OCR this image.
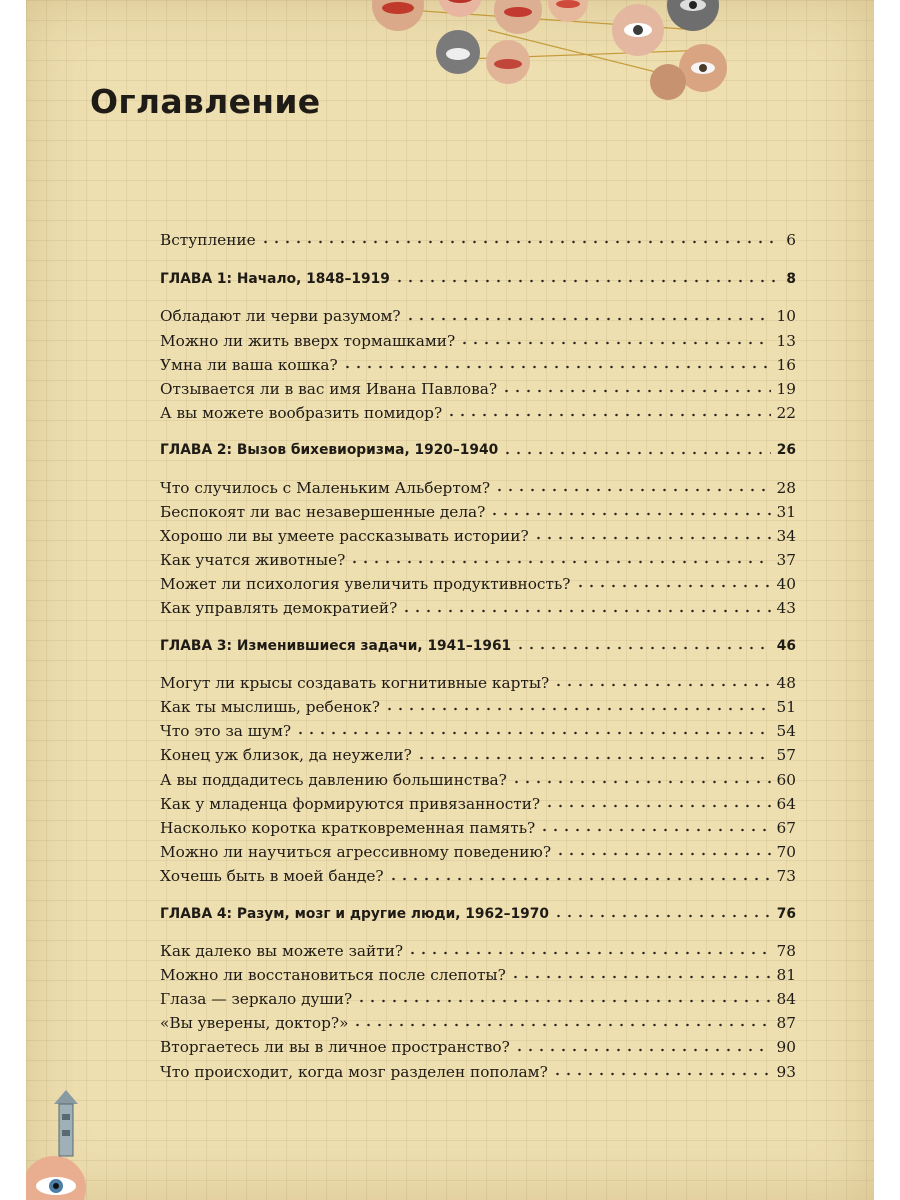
Оглавление
Вступление	6
ГЛАВА 1: Начало, 1848–1919	8
Обладают ли черви разумом?	10
Можно ли жить вверх тормашками?	13
Умна ли ваша кошка?	16
Отзывается ли в вас имя Ивана Павлова?	19
А вы можете вообразить помидор?	22
ГЛАВА 2: Вызов бихевиоризма, 1920–1940	26
Что случилось с Маленьким Альбертом?	28
Беспокоят ли вас незавершенные дела?	31
Хорошо ли вы умеете рассказывать истории?	34
Как учатся животные?	37
Может ли психология увеличить продуктивность?	40
Как управлять демократией?	43
ГЛАВА 3: Изменившиеся задачи, 1941–1961	46
Могут ли крысы создавать когнитивные карты?	48
Как ты мыслишь, ребенок?	51
Что это за шум?	54
Конец уж близок, да неужели?	57
А вы поддадитесь давлению большинства?	60
Как у младенца формируются привязанности?	64
Насколько коротка кратковременная память?	67
Можно ли научиться агрессивному поведению?	70
Хочешь быть в моей банде?	73
ГЛАВА 4: Разум, мозг и другие люди, 1962–1970	76
Как далеко вы можете зайти?	78
Можно ли восстановиться после слепоты?	81
Глаза — зеркало души?	84
«Вы уверены, доктор?»	87
Вторгаетесь ли вы в личное пространство?	90
Что происходит, когда мозг разделен пополам?	93
